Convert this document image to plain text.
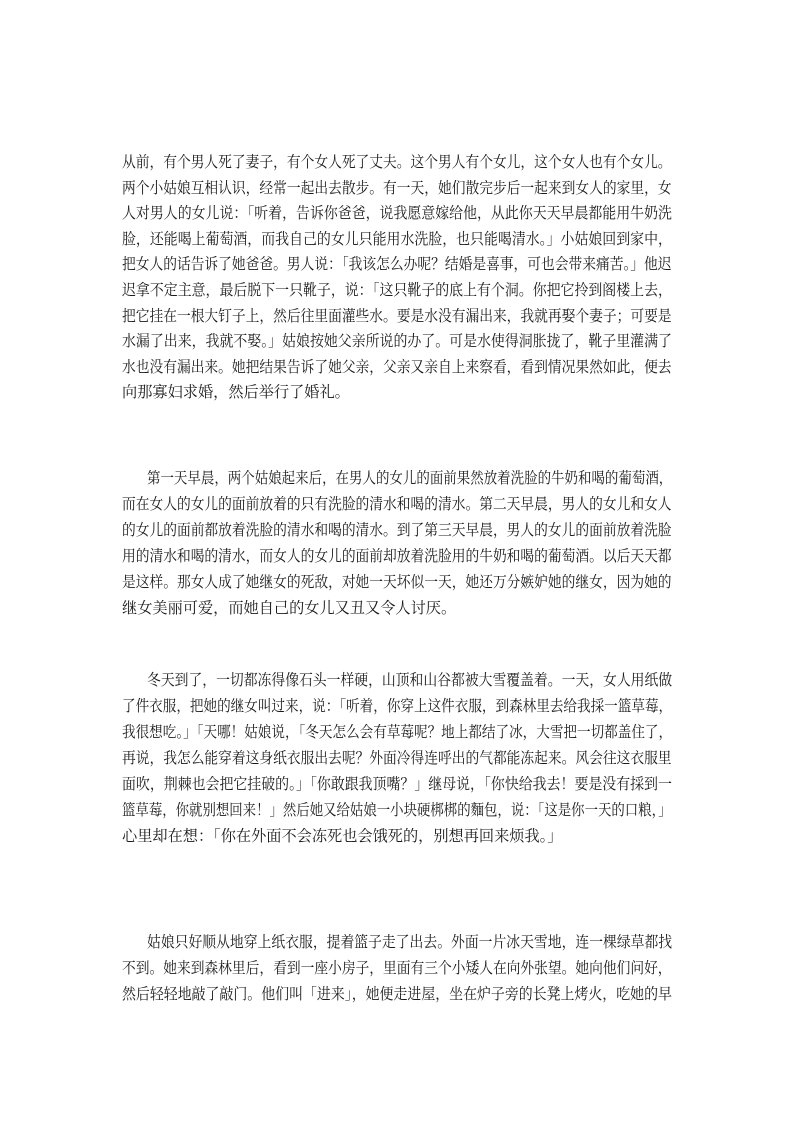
从前，有个男人死了妻子，有个女人死了丈夫。这个男人有个女儿，这个女人也有个女儿。
两个小姑娘互相认识，经常一起出去散步。有一天，她们散完步后一起来到女人的家里，女
人对男人的女儿说：「听着，告诉你爸爸，说我愿意嫁给他，从此你天天早晨都能用牛奶洗
脸，还能喝上葡萄酒，而我自己的女儿只能用水洗脸，也只能喝清水。」小姑娘回到家中，
把女人的话告诉了她爸爸。男人说：「我该怎么办呢？结婚是喜事，可也会带来痛苦。」他迟
迟拿不定主意，最后脱下一只靴子，说：「这只靴子的底上有个洞。你把它拎到阁楼上去，
把它挂在一根大钉子上，然后往里面灌些水。要是水没有漏出来，我就再娶个妻子；可要是
水漏了出来，我就不娶。」姑娘按她父亲所说的办了。可是水使得洞胀拢了，靴子里灌满了
水也没有漏出来。她把结果告诉了她父亲，父亲又亲自上来察看，看到情况果然如此，便去
向那寡妇求婚，然后举行了婚礼。
第一天早晨，两个姑娘起来后，在男人的女儿的面前果然放着洗脸的牛奶和喝的葡萄酒，
而在女人的女儿的面前放着的只有洗脸的清水和喝的清水。第二天早晨，男人的女儿和女人
的女儿的面前都放着洗脸的清水和喝的清水。到了第三天早晨，男人的女儿的面前放着洗脸
用的清水和喝的清水，而女人的女儿的面前却放着洗脸用的牛奶和喝的葡萄酒。以后天天都
是这样。那女人成了她继女的死敌，对她一天坏似一天，她还万分嫉妒她的继女，因为她的
继女美丽可爱，而她自己的女儿又丑又令人讨厌。
冬天到了，一切都冻得像石头一样硬，山顶和山谷都被大雪覆盖着。一天，女人用纸做
了件衣服，把她的继女叫过来，说：「听着，你穿上这件衣服，到森林里去给我採一篮草莓，
我很想吃。」「天哪！姑娘说，「冬天怎么会有草莓呢？地上都结了冰，大雪把一切都盖住了，
再说，我怎么能穿着这身纸衣服出去呢？外面冷得连呼出的气都能冻起来。风会往这衣服里
面吹，荆棘也会把它挂破的。」「你敢跟我顶嘴？」继母说，「你快给我去！要是没有採到一
篮草莓，你就别想回来！」然后她又给姑娘一小块硬梆梆的麵包，说：「这是你一天的口粮，」
心里却在想：「你在外面不会冻死也会饿死的，别想再回来烦我。」
姑娘只好顺从地穿上纸衣服，提着篮子走了出去。外面一片冰天雪地，连一棵绿草都找
不到。她来到森林里后，看到一座小房子，里面有三个小矮人在向外张望。她向他们问好，
然后轻轻地敲了敲门。他们叫「进来」，她便走进屋，坐在炉子旁的长凳上烤火，吃她的早
